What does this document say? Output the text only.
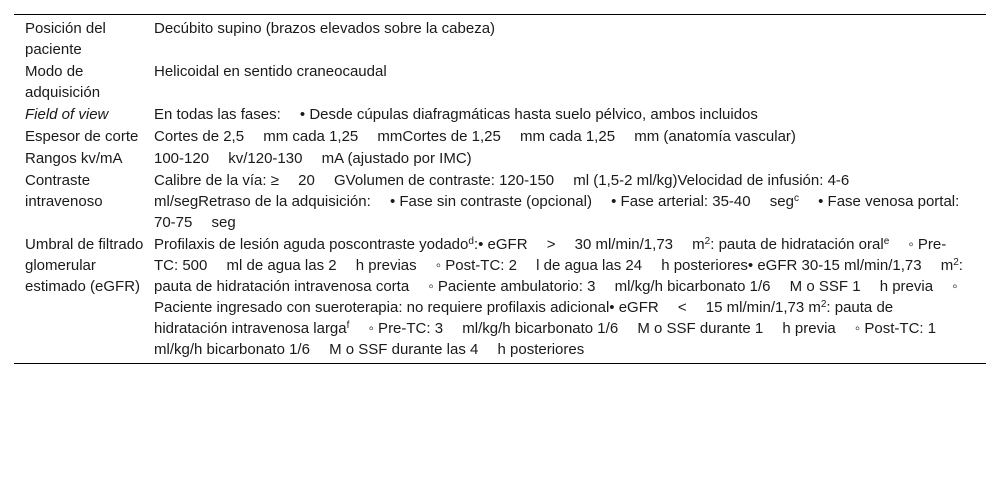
Posición del paciente	Decúbito supino (brazos elevados sobre la cabeza)
Modo de adquisición	Helicoidal en sentido craneocaudal
Field of view	En todas las fases:  • Desde cúpulas diafragmáticas hasta suelo pélvico, ambos incluidos
Espesor de corte	Cortes de 2,5  mm cada 1,25  mmCortes de 1,25  mm cada 1,25  mm (anatomía vascular)
Rangos kv/mA	100-120  kv/120-130  mA (ajustado por IMC)
Contraste intravenoso	Calibre de la vía: ≥  20  GVolumen de contraste: 120-150  ml (1,5-2 ml/kg)Velocidad de infusión: 4-6  ml/segRetraso de la adquisición:  • Fase sin contraste (opcional)  • Fase arterial: 35-40  seg$^c$  • Fase venosa portal: 70-75  seg
Umbral de filtrado glomerular estimado (eGFR)	Profilaxis de lesión aguda poscontraste yodado$^d$:• eGFR  >  30 ml/min/1,73  $m^2$: pauta de hidratación oral$^e$  ◦ Pre-TC: 500  ml de agua las 2  h previas  ◦ Post-TC: 2  l de agua las 24  h posteriores• eGFR 30-15 ml/min/1,73  $m^2$: pauta de hidratación intravenosa corta  ◦ Paciente ambulatorio: 3  ml/kg/h bicarbonato 1/6  M o SSF 1  h previa  ◦ Paciente ingresado con sueroterapia: no requiere profilaxis adicional• eGFR  <  15 ml/min/1,73 $m^2$: pauta de hidratación intravenosa larga$^f$  ◦ Pre-TC: 3  ml/kg/h bicarbonato 1/6  M o SSF durante 1  h previa  ◦ Post-TC: 1  ml/kg/h bicarbonato 1/6  M o SSF durante las 4  h posteriores
